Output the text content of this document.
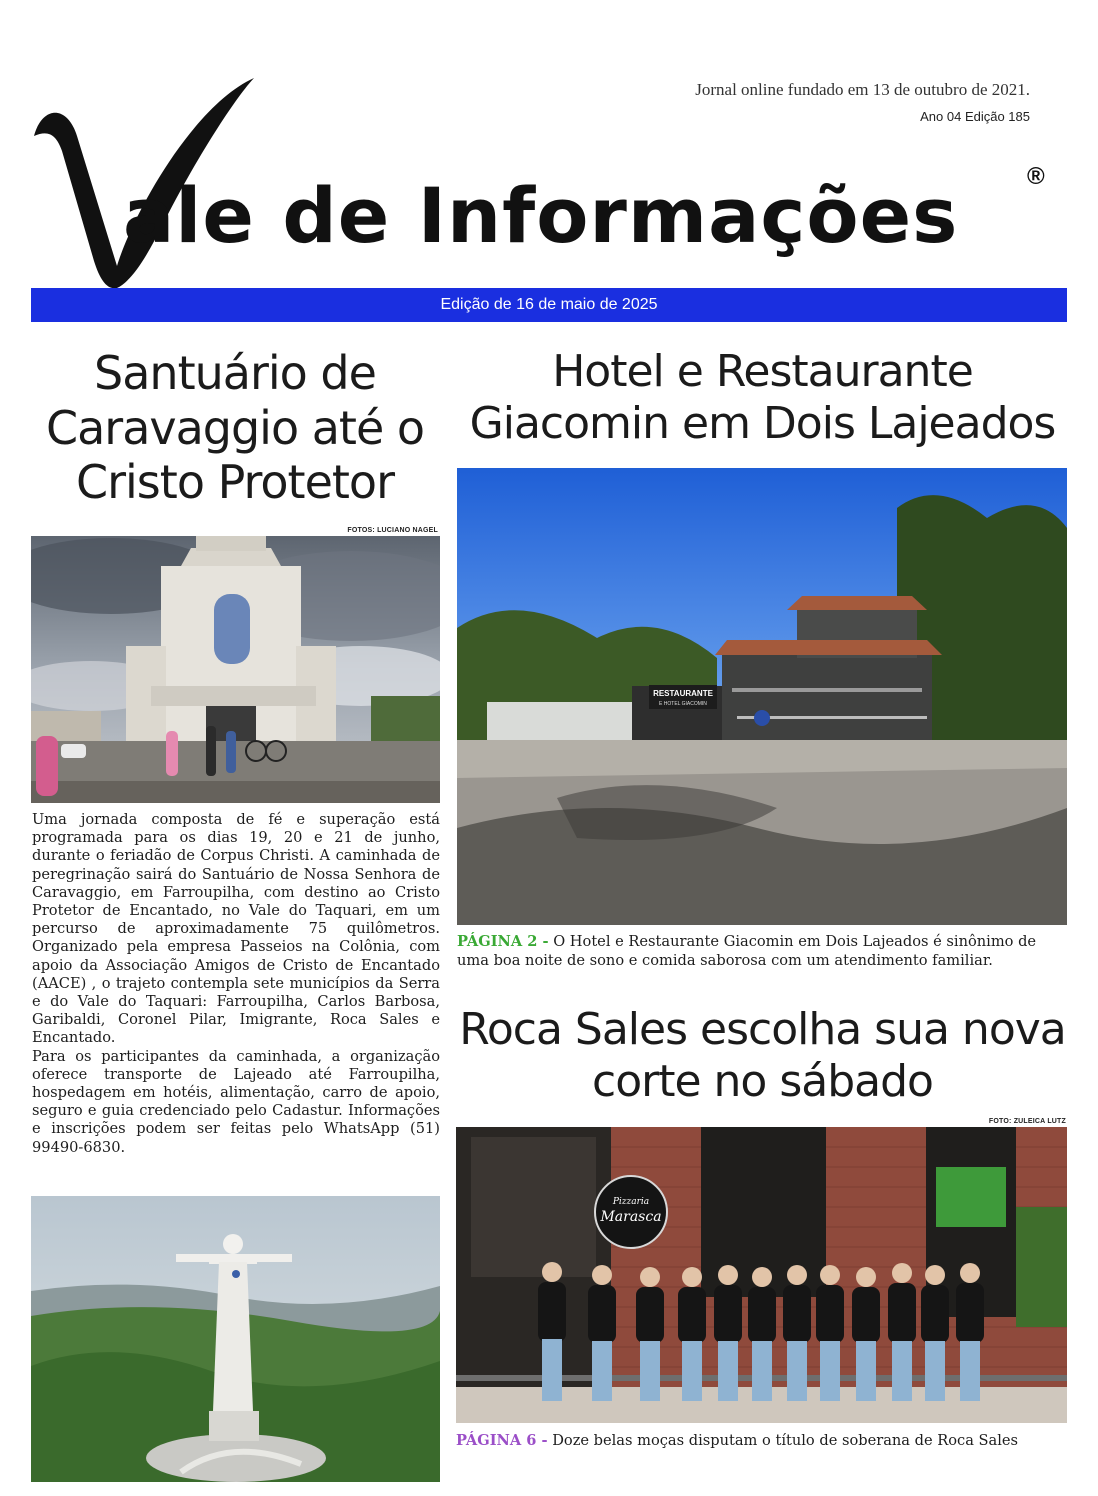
Jornal online fundado em 13 de outubro de 2021.
Ano 04 Edição 185
ale de Informações	®
Edição de 16 de maio de 2025
Santuário de Caravaggio até o Cristo Protetor
FOTOS: LUCIANO NAGEL

Uma jornada composta de fé e superação está programada para os dias 19, 20 e 21 de junho, durante o feriadão de Corpus Christi. A caminhada de peregrinação sairá do Santuário de Nossa Senhora de Caravaggio, em Farroupilha, com destino ao Cristo Protetor de Encantado, no Vale do Taquari, em um percurso de aproximadamente 75 quilômetros. Organizado pela empresa Passeios na Colônia, com apoio da Associação Amigos de Cristo de Encantado (AACE) , o trajeto contempla sete municípios da Serra e do Vale do Taquari: Farroupilha, Carlos Barbosa, Garibaldi, Coronel Pilar, Imigrante, Roca Sales e Encantado.

Para os participantes da caminhada, a organização oferece transporte de Lajeado até Farroupilha, hospedagem em hotéis, alimentação, carro de apoio, seguro e guia credenciado pelo Cadastur. Informações e inscrições podem ser feitas pelo WhatsApp (51) 99490-6830.

Hotel e Restaurante Giacomin em Dois Lajeados
RESTAURANTE
E HOTEL GIACOMIN
PÁGINA 2 - O Hotel e Restaurante Giacomin em Dois Lajeados é sinônimo de uma boa noite de sono e comida saborosa com um atendimento familiar.
Roca Sales escolha sua nova corte no sábado
FOTO: ZULEICA LUTZ
Pizzaria
Marasca
PÁGINA 6 - Doze belas moças disputam o título de soberana de Roca Sales
